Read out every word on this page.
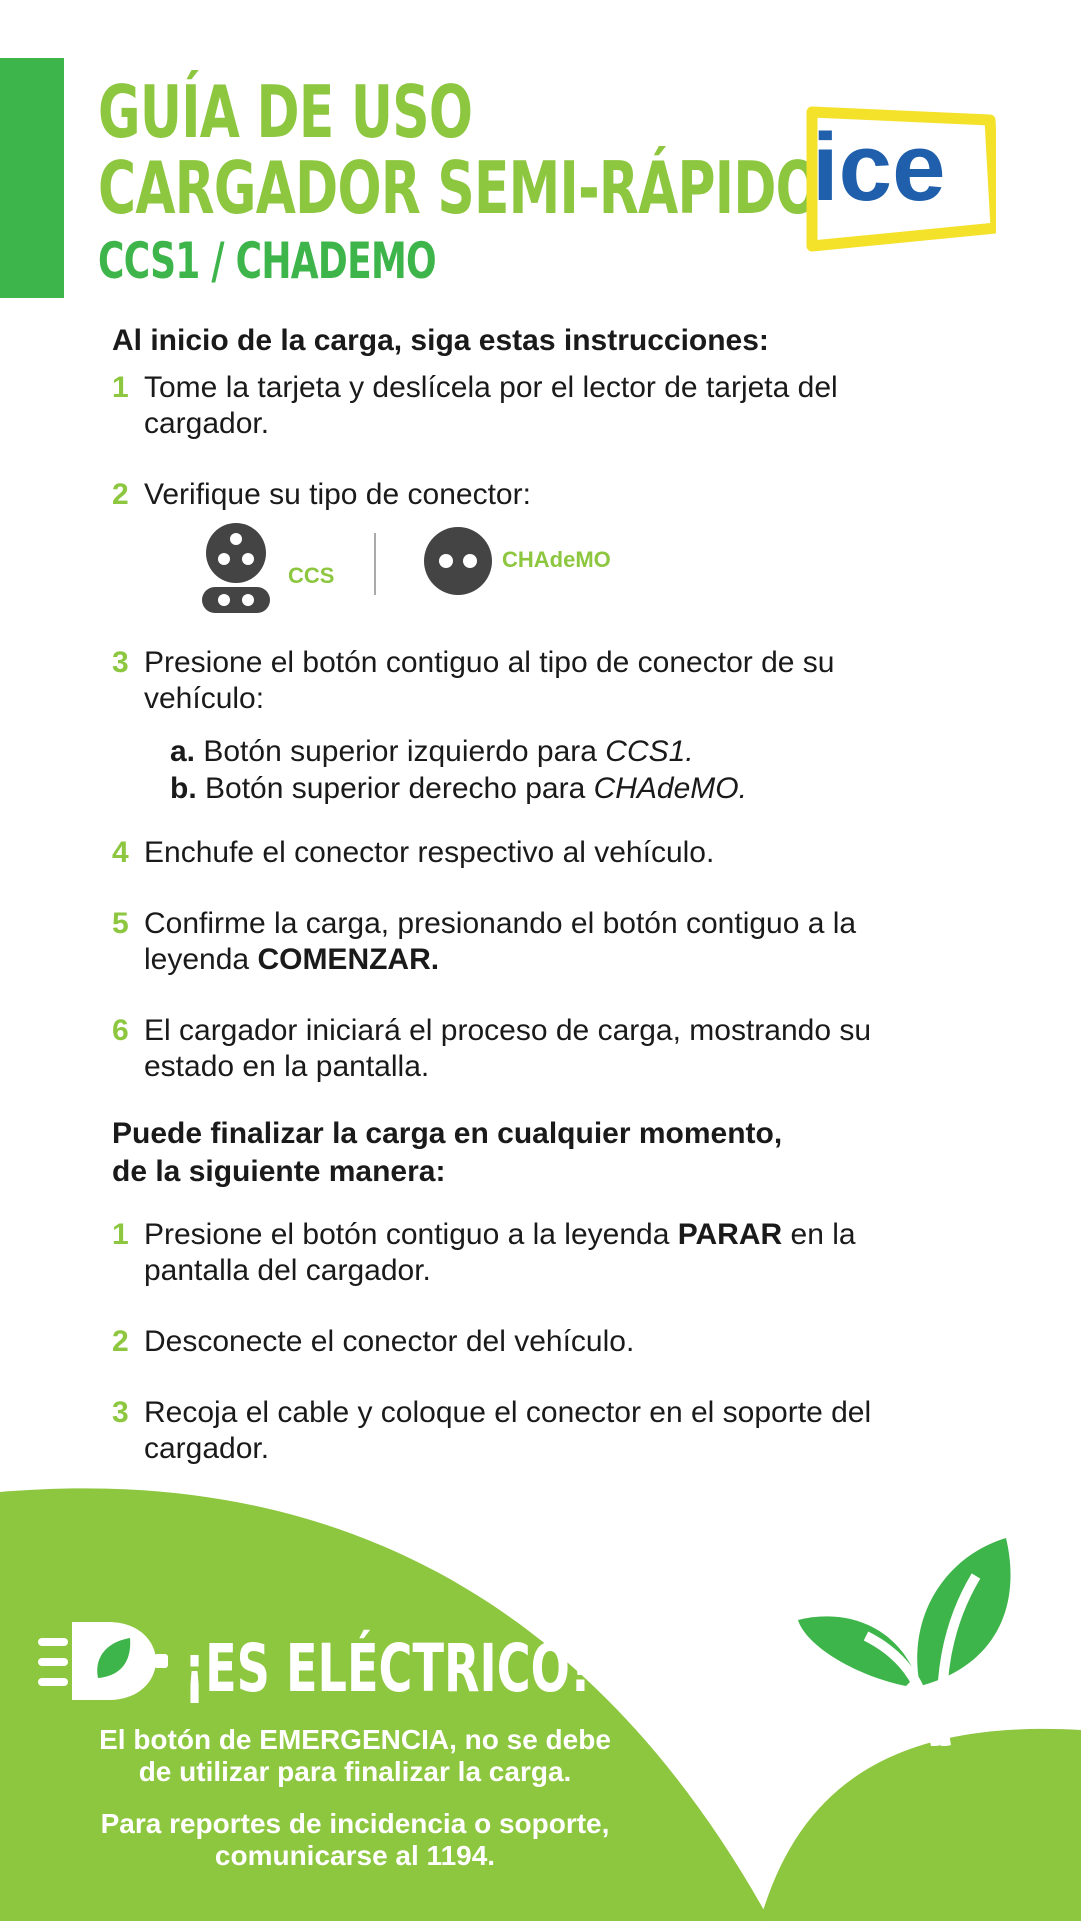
GUÍA DE USO
CARGADOR SEMI-RÁPIDO
CCS1 / CHADEMO
ice

Al inicio de la carga, siga estas instrucciones:

1 Tome la tarjeta y deslícela por el lector de tarjeta del
cargador.
2 Verifique su tipo de conector:
CCS
CHAdeMO
3 Presione el botón contiguo al tipo de conector de su
vehículo:
a. Botón superior izquierdo para CCS1.
b. Botón superior derecho para CHAdeMO.
4 Enchufe el conector respectivo al vehículo.
5 Confirme la carga, presionando el botón contiguo a la
leyenda COMENZAR.
6 El cargador iniciará el proceso de carga, mostrando su
estado en la pantalla.

Puede finalizar la carga en cualquier momento,

de la siguiente manera:

1 Presione el botón contiguo a la leyenda PARAR en la
pantalla del cargador.
2 Desconecte el conector del vehículo.
3 Recoja el cable y coloque el conector en el soporte del
cargador.
¡ES ELÉCTRICO!
El botón de EMERGENCIA, no se debe
de utilizar para finalizar la carga.
Para reportes de incidencia o soporte,
comunicarse al 1194.
